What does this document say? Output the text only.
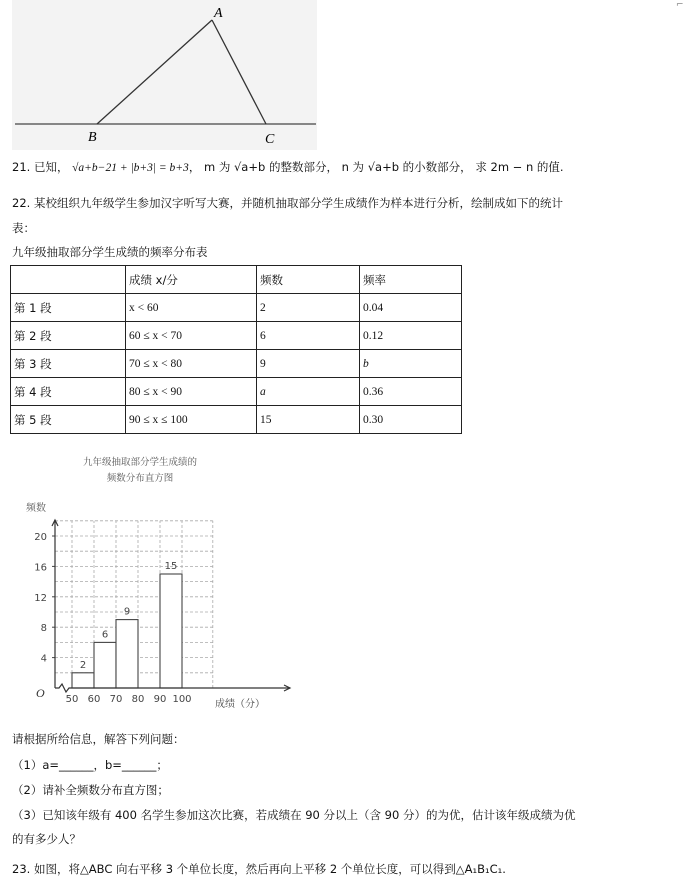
⌐
A
B	C
21. 已知， √a+b−21 + |b+3| = b+3， m 为 √a+b 的整数部分， n 为 √a+b 的小数部分， 求 2m − n 的值.
22. 某校组织九年级学生参加汉字听写大赛，并随机抽取部分学生成绩作为样本进行分析，绘制成如下的统计
表：
九年级抽取部分学生成绩的频率分布表
	成绩 x/分	频数	频率
第 1 段	x < 60	2	0.04
第 2 段	60 ≤ x < 70	6	0.12
第 3 段	70 ≤ x < 80	9	b
第 4 段	80 ≤ x < 90	a	0.36
第 5 段	90 ≤ x ≤ 100	15	0.30
九年级抽取部分学生成绩的
频数分布直方图
频数
成绩（分）
O
4
8
12
16
20
50 60 70 80 90 100
2
6
9
15
请根据所给信息，解答下列问题：
（1）a=______，b=______；
（2）请补全频数分布直方图；
（3）已知该年级有 400 名学生参加这次比赛，若成绩在 90 分以上（含 90 分）的为优，估计该年级成绩为优
的有多少人？
23. 如图，将△ABC 向右平移 3 个单位长度，然后再向上平移 2 个单位长度，可以得到△A₁B₁C₁.
